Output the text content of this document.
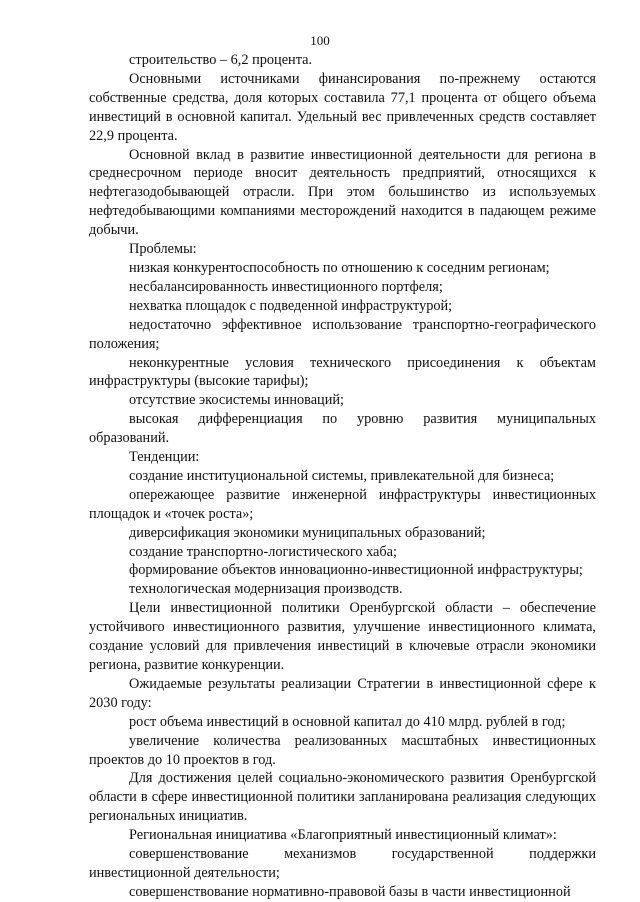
100

строительство – 6,2 процента.

Основными источниками финансирования по-прежнему остаются собственные средства, доля которых составила 77,1 процента от общего объема инвестиций в основной капитал. Удельный вес привлеченных средств составляет 22,9 процента.

Основной вклад в развитие инвестиционной деятельности для региона в среднесрочном периоде вносит деятельность предприятий, относящихся к нефтегазодобывающей отрасли. При этом большинство из используемых нефтедобывающими компаниями месторождений находится в падающем режиме добычи.

Проблемы:

низкая конкурентоспособность по отношению к соседним регионам;

несбалансированность инвестиционного портфеля;

нехватка площадок с подведенной инфраструктурой;

недостаточно эффективное использование транспортно-географического положения;

неконкурентные условия технического присоединения к объектам инфраструктуры (высокие тарифы);

отсутствие экосистемы инноваций;

высокая дифференциация по уровню развития муниципальных образований.

Тенденции:

создание институциональной системы, привлекательной для бизнеса;

опережающее развитие инженерной инфраструктуры инвестиционных площадок и «точек роста»;

диверсификация экономики муниципальных образований;

создание транспортно-логистического хаба;

формирование объектов инновационно-инвестиционной инфраструктуры;

технологическая модернизация производств.

Цели инвестиционной политики Оренбургской области – обеспечение устойчивого инвестиционного развития, улучшение инвестиционного климата, создание условий для привлечения инвестиций в ключевые отрасли экономики региона, развитие конкуренции.

Ожидаемые результаты реализации Стратегии в инвестиционной сфере к 2030 году:

рост объема инвестиций в основной капитал до 410 млрд. рублей в год;

увеличение количества реализованных масштабных инвестиционных проектов до 10 проектов в год.

Для достижения целей социально-экономического развития Оренбургской области в сфере инвестиционной политики запланирована реализация следующих региональных инициатив.

Региональная инициатива «Благоприятный инвестиционный климат»:

совершенствование механизмов государственной поддержки инвестиционной деятельности;

совершенствование нормативно-правовой базы в части инвестиционной
